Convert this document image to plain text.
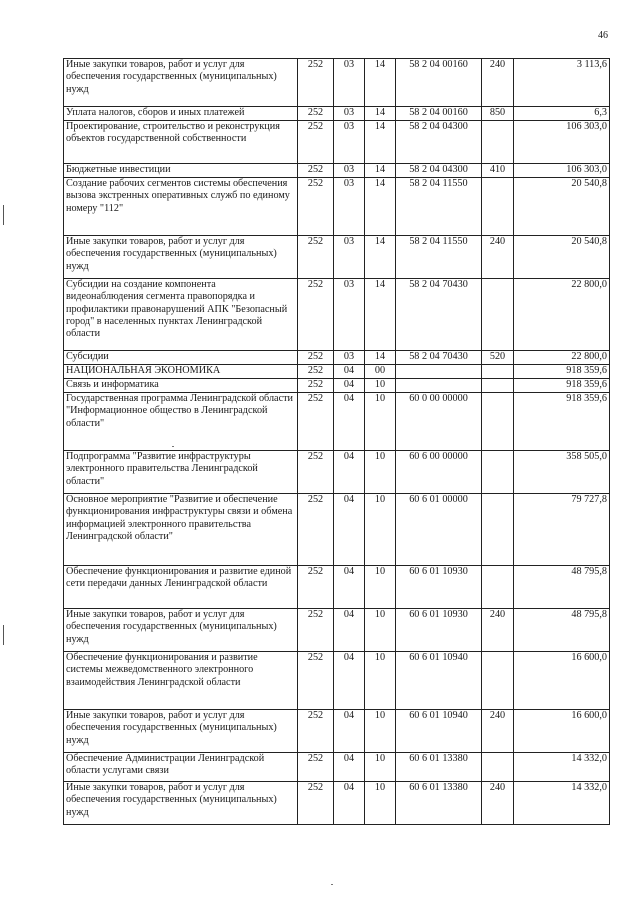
46
Иные закупки товаров, работ и услуг для обеспечения государственных (муниципальных) нужд	252	03	14	58 2 04 00160	240	3 113,6
Уплата налогов, сборов и иных платежей	252	03	14	58 2 04 00160	850	6,3
Проектирование, строительство и реконструкция объектов государственной собственности	252	03	14	58 2 04 04300		106 303,0
Бюджетные инвестиции	252	03	14	58 2 04 04300	410	106 303,0
Создание рабочих сегментов системы обеспечения вызова экстренных оперативных служб по единому номеру "112"	252	03	14	58 2 04 11550		20 540,8
Иные закупки товаров, работ и услуг для обеспечения государственных (муниципальных) нужд	252	03	14	58 2 04 11550	240	20 540,8
Субсидии на создание компонента видеонаблюдения сегмента правопорядка и профилактики правонарушений АПК "Безопасный город" в населенных пунктах Ленинградской области	252	03	14	58 2 04 70430		22 800,0
Субсидии	252	03	14	58 2 04 70430	520	22 800,0
НАЦИОНАЛЬНАЯ ЭКОНОМИКА	252	04	00			918 359,6
Связь и информатика	252	04	10			918 359,6
Государственная программа Ленинградской области "Информационное общество в Ленинградской области"	252	04	10	60 0 00 00000		918 359,6
Подпрограмма "Развитие инфраструктуры электронного правительства Ленинградской области"	252	04	10	60 6 00 00000		358 505,0
Основное мероприятие "Развитие и обеспечение функционирования инфраструктуры связи и обмена информацией электронного правительства Ленинградской области"	252	04	10	60 6 01 00000		79 727,8
Обеспечение функционирования и развитие единой сети передачи данных Ленинградской области	252	04	10	60 6 01 10930		48 795,8
Иные закупки товаров, работ и услуг для обеспечения государственных (муниципальных) нужд	252	04	10	60 6 01 10930	240	48 795,8
Обеспечение функционирования и развитие системы межведомственного электронного взаимодействия Ленинградской области	252	04	10	60 6 01 10940		16 600,0
Иные закупки товаров, работ и услуг для обеспечения государственных (муниципальных) нужд	252	04	10	60 6 01 10940	240	16 600,0
Обеспечение Администрации Ленинградской области услугами связи	252	04	10	60 6 01 13380		14 332,0
Иные закупки товаров, работ и услуг для обеспечения государственных (муниципальных) нужд	252	04	10	60 6 01 13380	240	14 332,0
